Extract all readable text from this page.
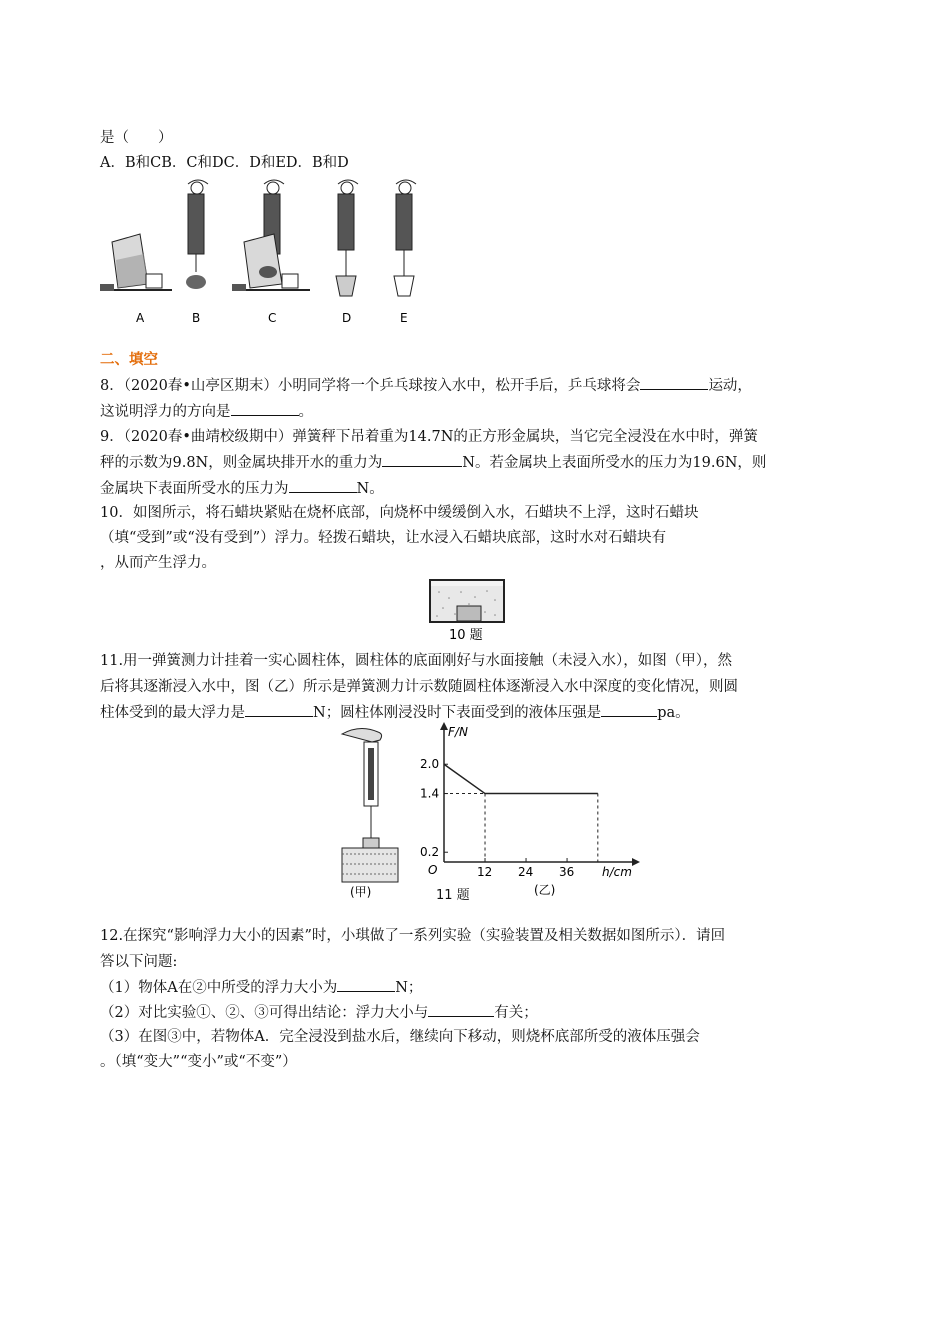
是（　　）
A．B和CB．C和DC．D和ED．B和D
A	B	C	D	E
二、填空
8．（2020春•山亭区期末）小明同学将一个乒乓球按入水中，松开手后，乒乓球将会	运动，
这说明浮力的方向是	。
9．（2020春•曲靖校级期中）弹簧秤下吊着重为14.7N的正方形金属块，当它完全浸没在水中时，弹簧
秤的示数为9.8N，则金属块排开水的重力为	N。若金属块上表面所受水的压力为19.6N，则
金属块下表面所受水的压力为	N。
10．如图所示，将石蜡块紧贴在烧杯底部，向烧杯中缓缓倒入水，石蜡块不上浮，这时石蜡块
（填“受到”或“没有受到”）浮力。轻拨石蜡块，让水浸入石蜡块底部，这时水对石蜡块有
，从而产生浮力。
10 题
11.用一弹簧测力计挂着一实心圆柱体，圆柱体的底面刚好与水面接触（未浸入水），如图（甲），然
后将其逐渐浸入水中，图（乙）所示是弹簧测力计示数随圆柱体逐渐浸入水中深度的变化情况，则圆
柱体受到的最大浮力是	N；圆柱体刚浸没时下表面受到的液体压强是	pa。
(甲)
F/N
h/cm
O	12 24 36
0.2
1.4
2.0
(乙)
11 题
12.在探究“影响浮力大小的因素”时，小琪做了一系列实验（实验装置及相关数据如图所示）．请回
答以下问题:
（1）物体A在②中所受的浮力大小为	N；
（2）对比实验①、②、③可得出结论：浮力大小与	有关；
（3）在图③中，若物体A．完全浸没到盐水后，继续向下移动，则烧杯底部所受的液体压强会
。（填“变大”“变小”或“不变”）
